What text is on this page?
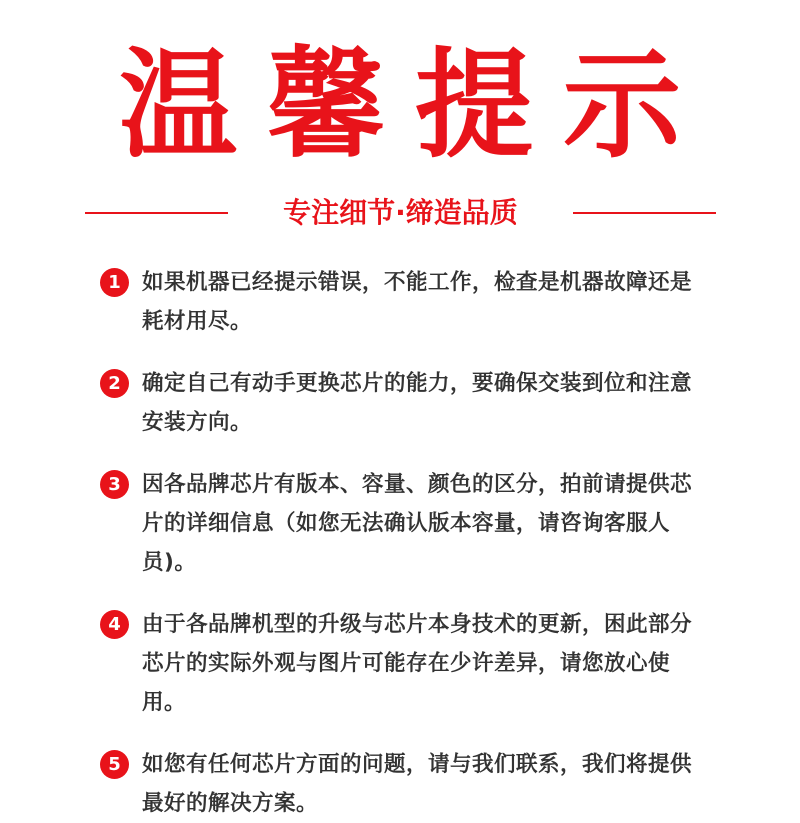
温馨提示
专注细节·缔造品质
1 如果机器已经提示错误，不能工作，检查是机器故障还是耗材用尽。
2 确定自己有动手更换芯片的能力，要确保交装到位和注意安装方向。
3 因各品牌芯片有版本、容量、颜色的区分，拍前请提供芯片的详细信息（如您无法确认版本容量，请咨询客服人员)。
4 由于各品牌机型的升级与芯片本身技术的更新，困此部分芯片的实际外观与图片可能存在少许差异，请您放心使用。
5 如您有任何芯片方面的问题，请与我们联系，我们将提供最好的解决方案。
